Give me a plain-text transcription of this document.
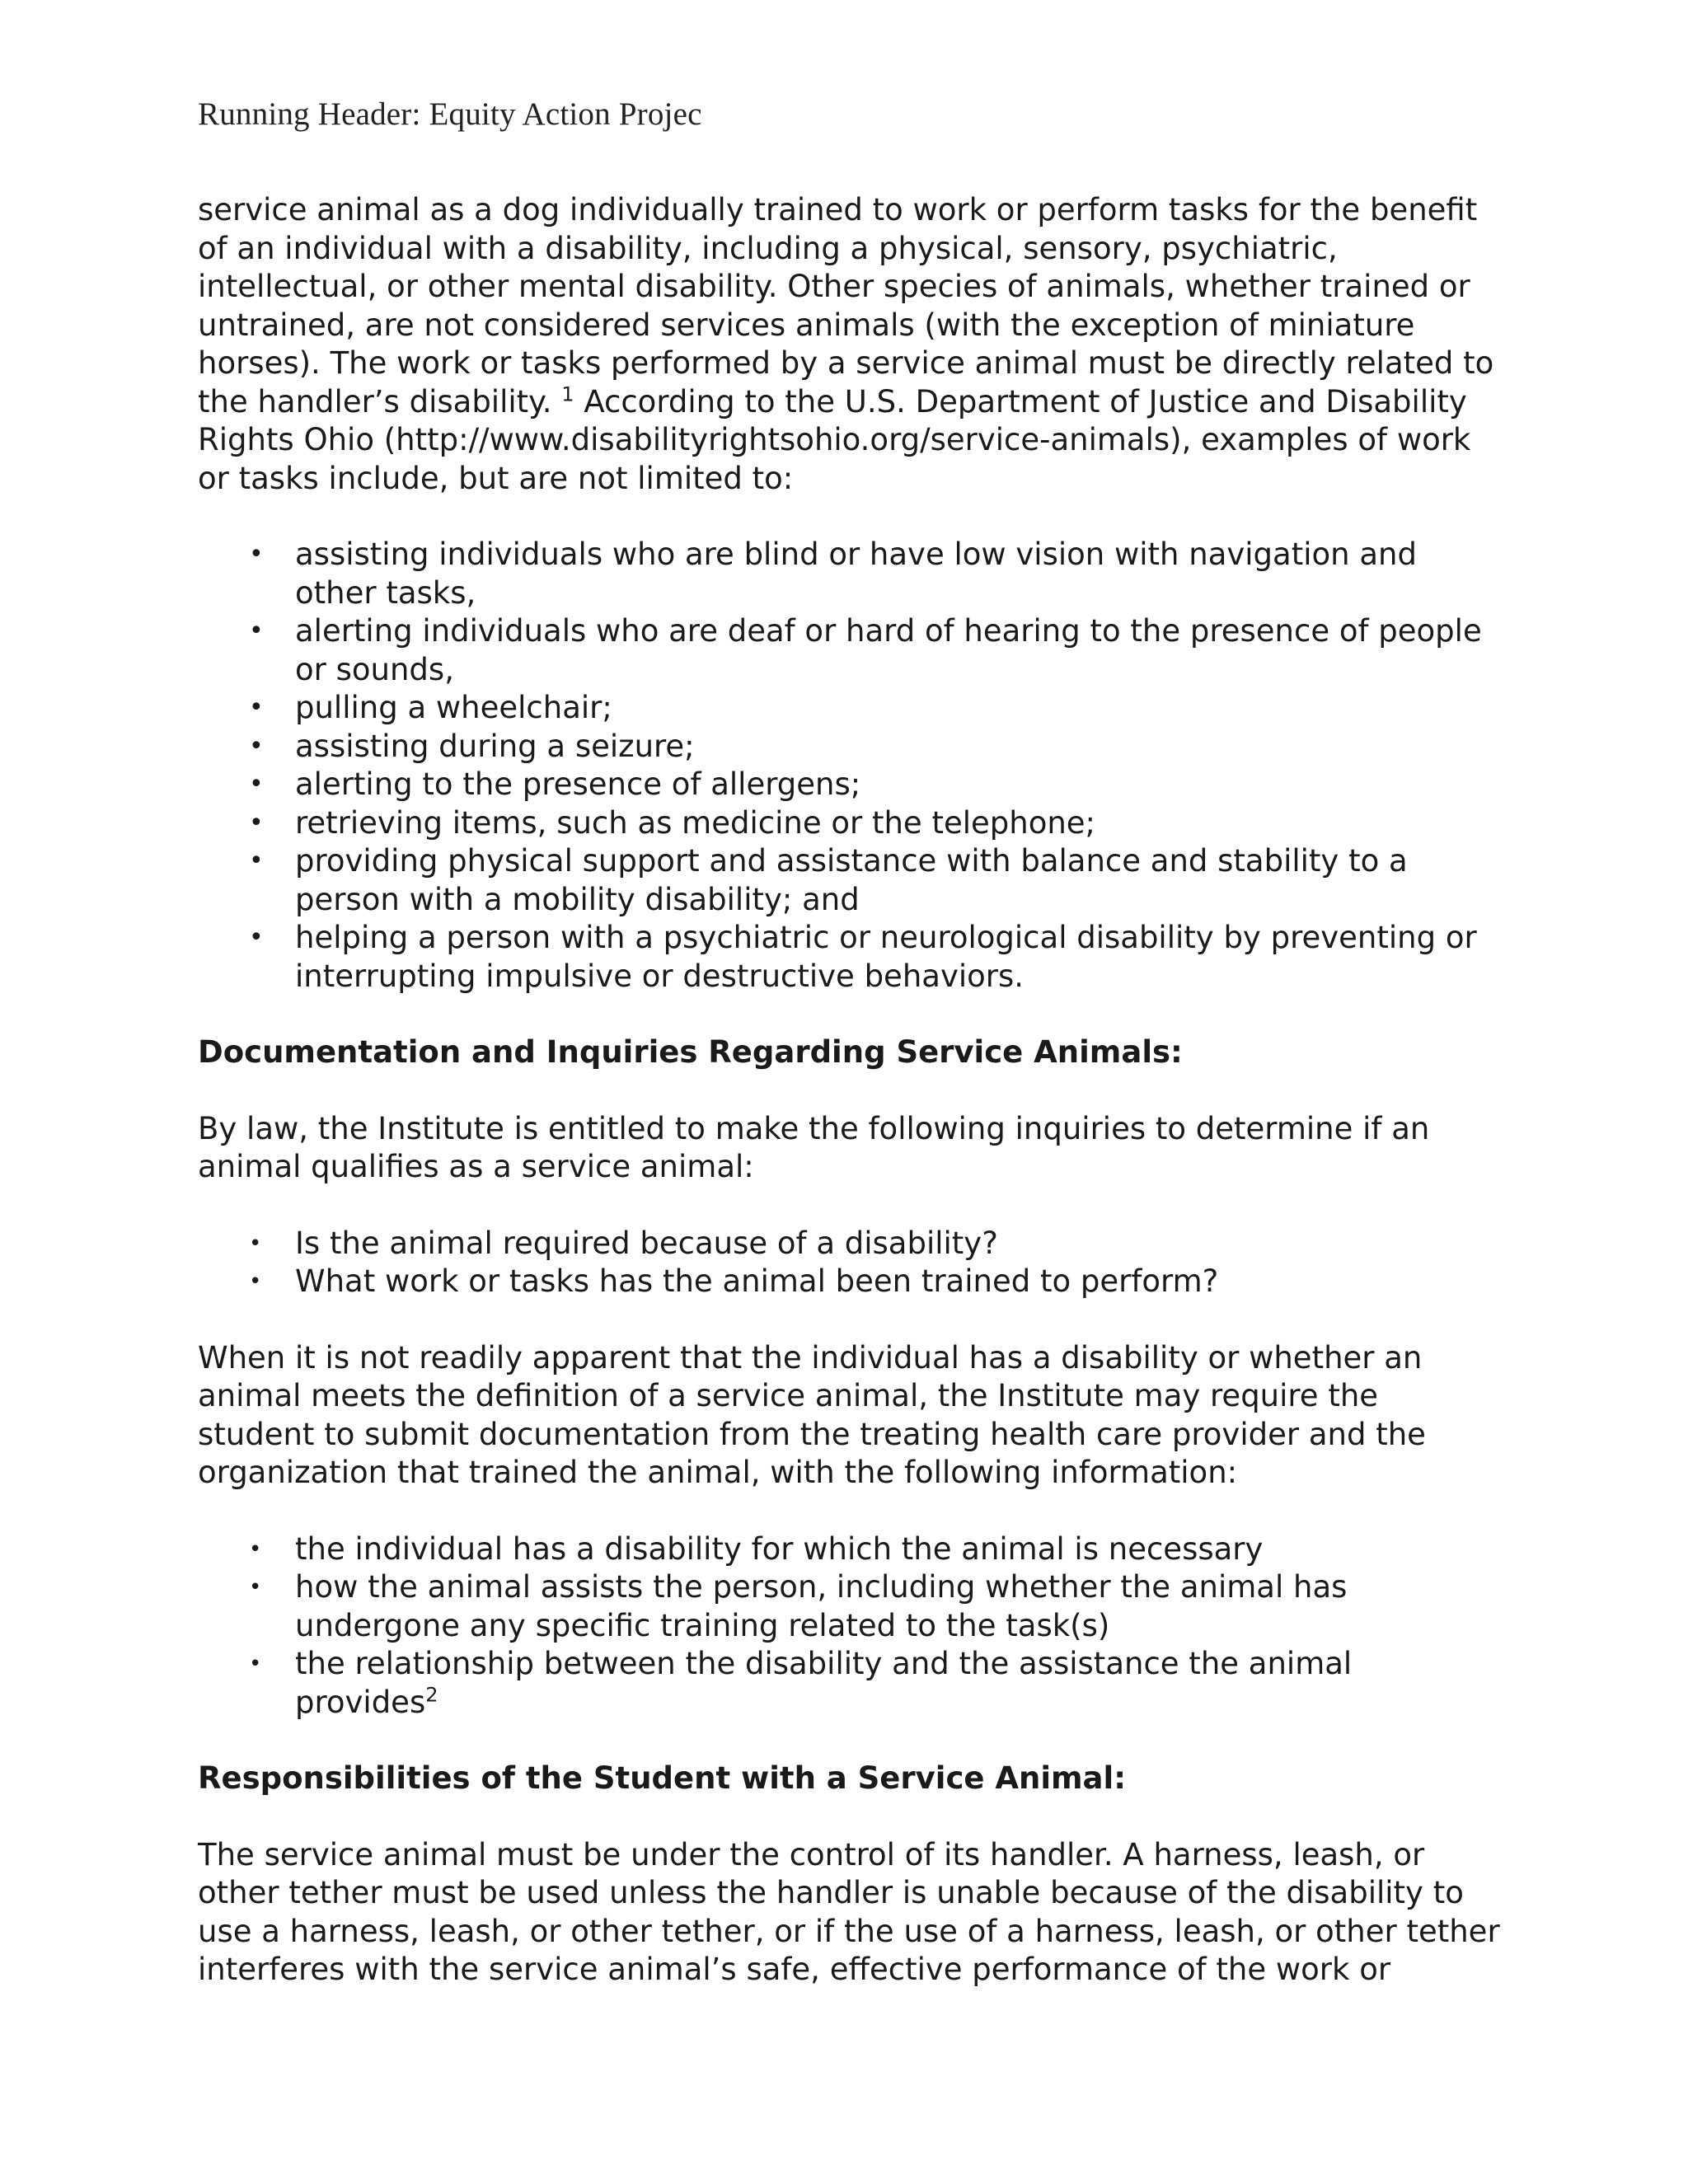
Running Header: Equity Action Projec

service animal as a dog individually trained to work or perform tasks for the benefit of an individual with a disability, including a physical, sensory, psychiatric, intellectual, or other mental disability. Other species of animals, whether trained or untrained, are not considered services animals (with the exception of miniature horses). The work or tasks performed by a service animal must be directly related to the handler’s disability. $^1$ According to the U.S. Department of Justice and Disability Rights Ohio (http://www.disabilityrightsohio.org/service-animals), examples of work or tasks include, but are not limited to:

• assisting individuals who are blind or have low vision with navigation and other tasks,
• alerting individuals who are deaf or hard of hearing to the presence of people or sounds,
• pulling a wheelchair;
• assisting during a seizure;
• alerting to the presence of allergens;
• retrieving items, such as medicine or the telephone;
• providing physical support and assistance with balance and stability to a person with a mobility disability; and
• helping a person with a psychiatric or neurological disability by preventing or interrupting impulsive or destructive behaviors.

Documentation and Inquiries Regarding Service Animals:

By law, the Institute is entitled to make the following inquiries to determine if an animal qualifies as a service animal:

• Is the animal required because of a disability?
• What work or tasks has the animal been trained to perform?

When it is not readily apparent that the individual has a disability or whether an animal meets the definition of a service animal, the Institute may require the student to submit documentation from the treating health care provider and the organization that trained the animal, with the following information:

• the individual has a disability for which the animal is necessary
• how the animal assists the person, including whether the animal has undergone any specific training related to the task(s)
• the relationship between the disability and the assistance the animal provides$^2$

Responsibilities of the Student with a Service Animal:

The service animal must be under the control of its handler. A harness, leash, or other tether must be used unless the handler is unable because of the disability to use a harness, leash, or other tether, or if the use of a harness, leash, or other tether interferes with the service animal’s safe, effective performance of the work or
